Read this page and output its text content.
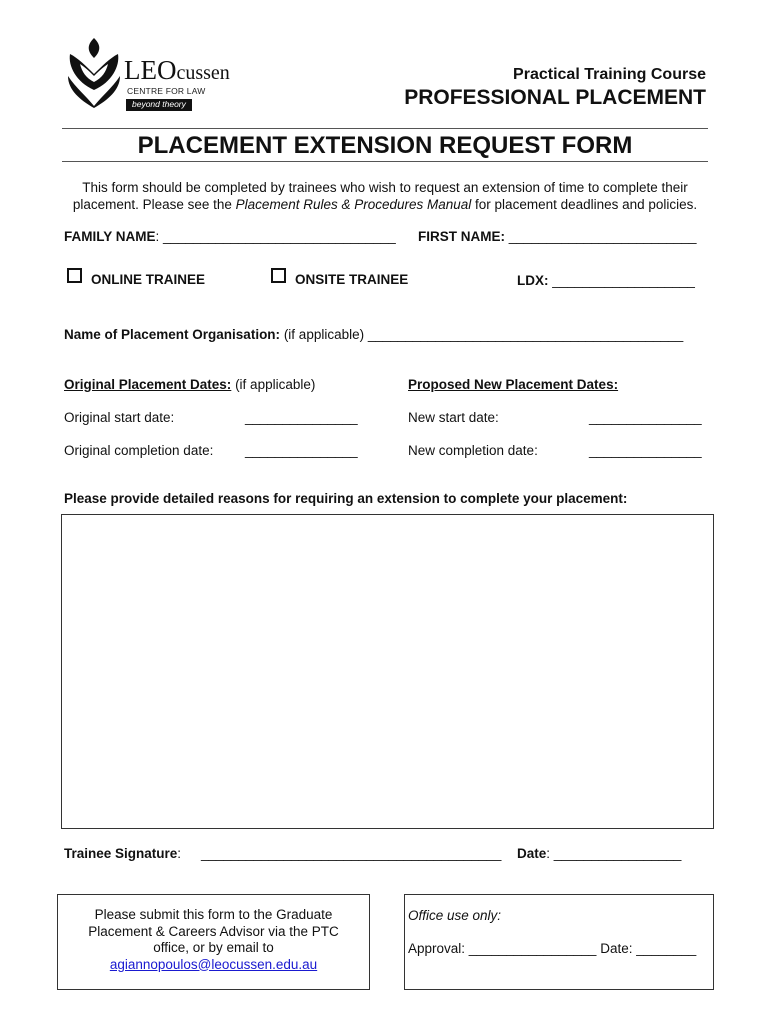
LEOcussen
CENTRE FOR LAW
beyond theory
Practical Training Course
PROFESSIONAL PLACEMENT
PLACEMENT EXTENSION REQUEST FORM
This form should be completed by trainees who wish to request an extension of time to complete their
placement. Please see the Placement Rules & Procedures Manual for placement deadlines and policies.
FAMILY NAME: _______________________________ FIRST NAME: _________________________
ONLINE TRAINEE	ONSITE TRAINEE	LDX: ___________________
Name of Placement Organisation: (if applicable) __________________________________________
Original Placement Dates: (if applicable)	Proposed New Placement Dates:
Original start date:	_______________	New start date:	_______________
Original completion date: _______________	New completion date:	_______________
Please provide detailed reasons for requiring an extension to complete your placement:
Trainee Signature: ________________________________________ Date: _________________
Please submit this form to the Graduate
Placement & Careers Advisor via the PTC
office, or by email to
agiannopoulos@leocussen.edu.au
Office use only:
Approval: _________________ Date: ________
